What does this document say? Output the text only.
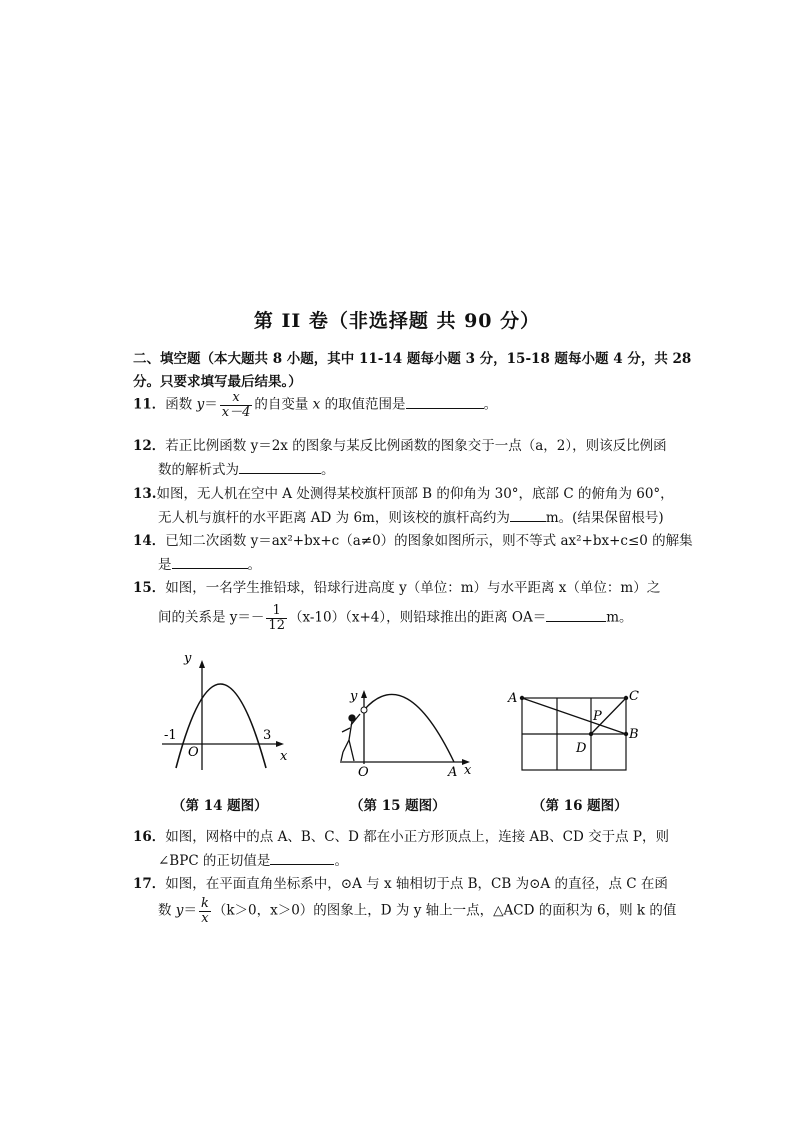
第 II 卷（非选择题 共 90 分）
二、填空题（本大题共 8 小题，其中 11-14 题每小题 3 分，15-18 题每小题 4 分，共 28
分。只要求填写最后结果。）
11．函数 $y= \frac{x}{x-4}$ 的自变量 x 的取值范围是	。
12．若正比例函数 y＝2x 的图象与某反比例函数的图象交于一点（a，2），则该反比例函
数的解析式为	。
13.如图，无人机在空中 A 处测得某校旗杆顶部 B 的仰角为 30°，底部 C 的俯角为 60°，
无人机与旗杆的水平距离 AD 为 6m，则该校的旗杆高约为	m。(结果保留根号)
14．已知二次函数 y＝ax²+bx+c（a≠0）的图象如图所示，则不等式 ax²+bx+c≤0 的解集
是	。
15．如图，一名学生推铅球，铅球行进高度 y（单位：m）与水平距离 x（单位：m）之
间的关系是 $y=- \frac{1}{12} (x-10)(x+4)$，则铅球推出的距离 OA＝	m。
y
x
O
-1	3
y
x
O	A
A	C
B
D
P
（第 14 题图）	（第 15 题图）	（第 16 题图）
16．如图，网格中的点 A、B、C、D 都在小正方形顶点上，连接 AB、CD 交于点 P，则
∠BPC 的正切值是	。
17．如图，在平面直角坐标系中，⊙A 与 x 轴相切于点 B，CB 为⊙A 的直径，点 C 在函
数 $y= \frac{k}{x} (k>0$，x＞0）的图象上，D 为 y 轴上一点，△ACD 的面积为 6，则 k 的值
